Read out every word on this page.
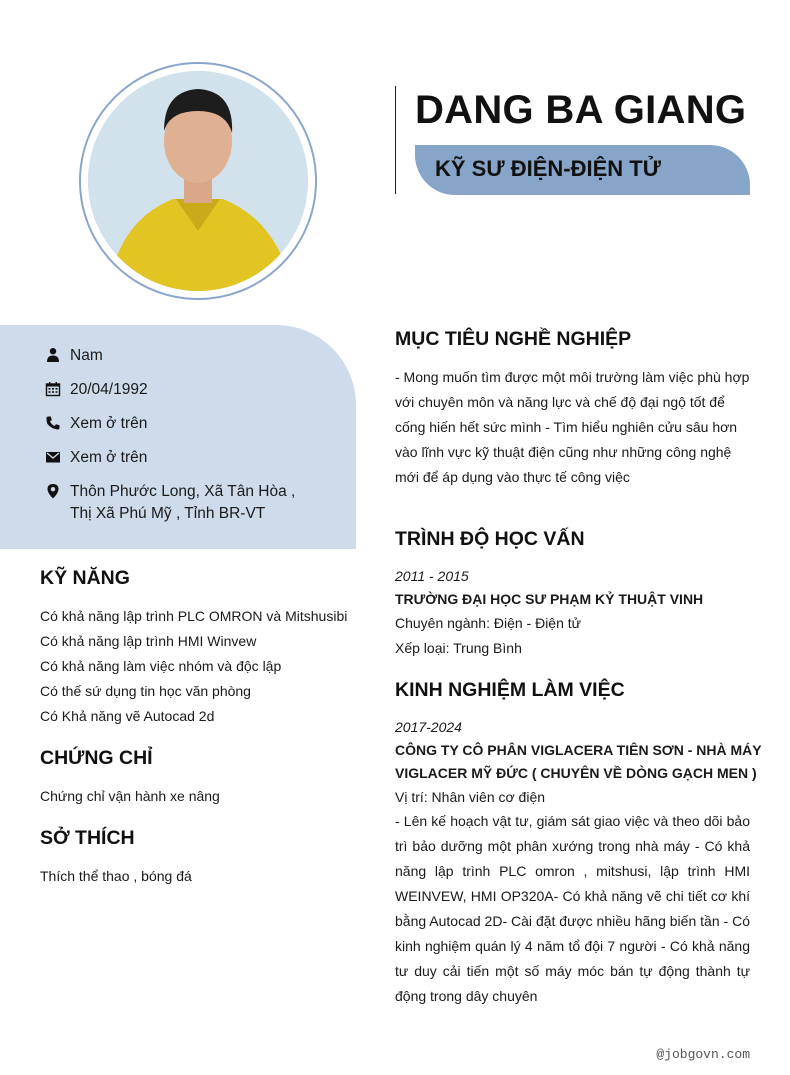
DANG BA GIANG
KỸ SƯ ĐIỆN-ĐIỆN TỬ
Nam
20/04/1992
Xem ở trên
Xem ở trên
Thôn Phước Long, Xã Tân Hòa ,
Thị Xã Phú Mỹ , Tỉnh BR-VT
KỸ NĂNG
Có khả năng lập trình PLC OMRON và Mitshusibi
Có khả năng lập trình HMI Winvew
Có khả năng làm việc nhóm và độc lập
Có thế sứ dụng tin học văn phòng
Có Khả năng vẽ Autocad 2d
CHỨNG CHỈ
Chứng chỉ vận hành xe nâng
SỞ THÍCH
Thích thể thao , bóng đá
MỤC TIÊU NGHỀ NGHIỆP
- Mong muốn tìm được một môi trường làm việc phù hợp
với chuyên môn và năng lực và chế độ đại ngộ tốt để
cống hiến hết sức mình - Tìm hiểu nghiên cửu sâu hơn
vào lĩnh vực kỹ thuật điện cũng như những công nghệ
mới để áp dụng vào thực tế công việc
TRÌNH ĐỘ HỌC VẤN
2011 - 2015
TRƯỜNG ĐẠI HỌC SƯ PHẠM KỶ THUẬT VINH
Chuyên ngành: Điện - Điện tử
Xếp loại: Trung Bình
KINH NGHIỆM LÀM VIỆC
2017-2024
CÔNG TY CÔ PHÂN VIGLACERA TIÊN SƠN - NHÀ MÁY
VIGLACER MỸ ĐỨC ( CHUYÊN VỀ DÒNG GẠCH MEN )
Vị trí: Nhân viên cơ điện
- Lên kế hoạch vật tư, giám sát giao việc và theo dõi bảo trì bảo dưỡng một phân xướng trong nhà máy - Có khả năng lập trình PLC omron , mitshusi, lập trình HMI WEINVEW, HMI OP320A- Có khả năng vẽ chi tiết cơ khí bằng Autocad 2D- Cài đặt được nhiều hãng biến tần - Có kinh nghiệm quán lý 4 năm tổ đội 7 người - Có khả năng tư duy cải tiến một số máy móc bán tự động thành tự động trong dây chuyên
@jobgovn.com
